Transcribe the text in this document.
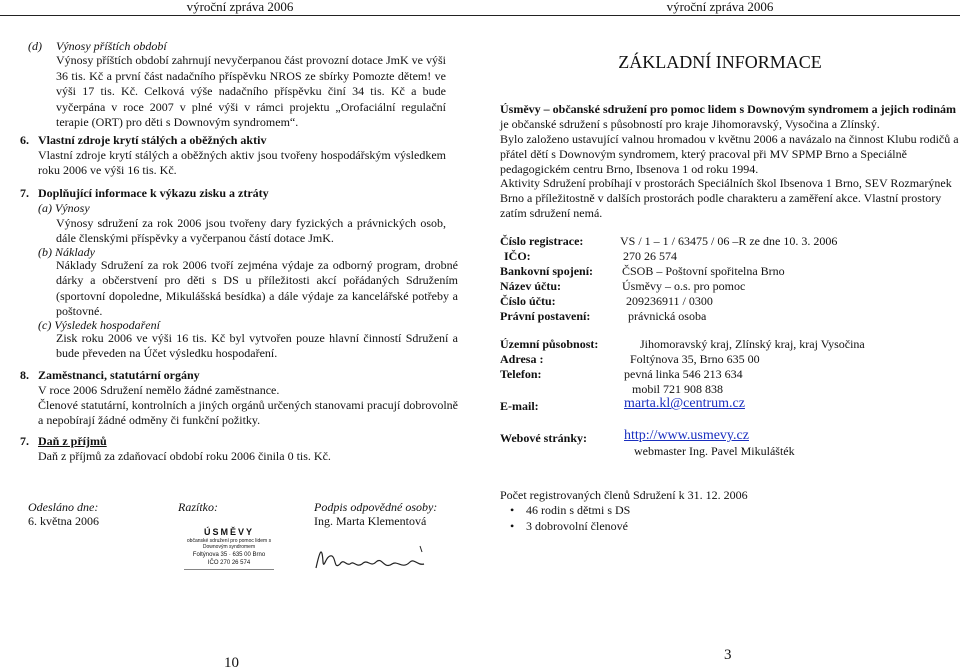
výroční zpráva 2006
(d) Výnosy příštích období
Výnosy příštích období zahrnují nevyčerpanou část provozní dotace JmK ve výši 36 tis. Kč a první část nadačního příspěvku NROS ze sbírky Pomozte dětem! ve výši 17 tis. Kč. Celková výše nadačního příspěvku činí 34 tis. Kč a bude vyčerpána v roce 2007 v plné výši v rámci projektu „Orofaciální regulační terapie (ORT) pro děti s Downovým syndromem“.
6. Vlastní zdroje krytí stálých a oběžných aktiv
Vlastní zdroje krytí stálých a oběžných aktiv jsou tvořeny hospodářským výsledkem roku 2006 ve výši 16 tis. Kč.
7. Doplňující informace k výkazu zisku a ztráty
(a) Výnosy
Výnosy sdružení za rok 2006 jsou tvořeny dary fyzických a právnických osob, dále členskými příspěvky a vyčerpanou částí dotace JmK.
(b) Náklady
Náklady Sdružení za rok 2006 tvoří zejména výdaje za odborný program, drobné dárky a občerstvení pro děti s DS u příležitosti akcí pořádaných Sdružením (sportovní dopoledne, Mikulášská besídka) a dále výdaje za kancelářské potřeby a poštovné.
(c) Výsledek hospodaření
Zisk roku 2006 ve výši 16 tis. Kč byl vytvořen pouze hlavní činností Sdružení a bude převeden na Účet výsledku hospodaření.
8. Zaměstnanci, statutární orgány
V roce 2006 Sdružení nemělo žádné zaměstnance.
Členové statutární, kontrolních a jiných orgánů určených stanovami pracují dobrovolně a nepobírají žádné odměny či funkční požitky.
7. Daň z příjmů
Daň z příjmů za zdaňovací období roku 2006 činila 0 tis. Kč.
Odesláno dne:
6. května 2006
Razítko:	Podpis odpovědné osoby:
Ing. Marta Klementová
ÚSMĚVY
občanské sdružení pro pomoc lidem s Downovým syndromem
Foltýnova 35 · 635 00 Brno
IČO 270 26 574
10
výroční zpráva 2006
ZÁKLADNÍ INFORMACE
Úsměvy – občanské sdružení pro pomoc lidem s Downovým syndromem a jejich rodinám je občanské sdružení s působností pro kraje Jihomoravský, Vysočina a Zlínský.
Bylo založeno ustavující valnou hromadou v květnu 2006 a navázalo na činnost Klubu rodičů a přátel dětí s Downovým syndromem, který pracoval při MV SPMP Brno a Speciálně pedagogickém centru Brno, Ibsenova 1 od roku 1994.
Aktivity Sdružení probíhají v prostorách Speciálních škol Ibsenova 1 Brno, SEV Rozmarýnek Brno a příležitostně v dalších prostorách podle charakteru a zaměření akce. Vlastní prostory zatím sdružení nemá.
Číslo registrace:	VS / 1 – 1 / 63475 / 06 –R ze dne 10. 3. 2006
IČO:	270 26 574
Bankovní spojení: ČSOB – Poštovní spořitelna Brno
Název účtu:	Úsměvy – o.s. pro pomoc
Číslo účtu:	209236911 / 0300
Právní postavení:	právnická osoba
Územní působnost:	Jihomoravský kraj, Zlínský kraj, kraj Vysočina
Adresa :	Foltýnova 35, Brno 635 00
Telefon:	pevná linka 546 213 634
mobil 721 908 838
E-mail:	marta.kl@centrum.cz
Webové stránky:	http://www.usmevy.cz
webmaster Ing. Pavel Mikulášték
Počet registrovaných členů Sdružení k 31. 12. 2006
• 46 rodin s dětmi s DS
• 3 dobrovolní členové
3
